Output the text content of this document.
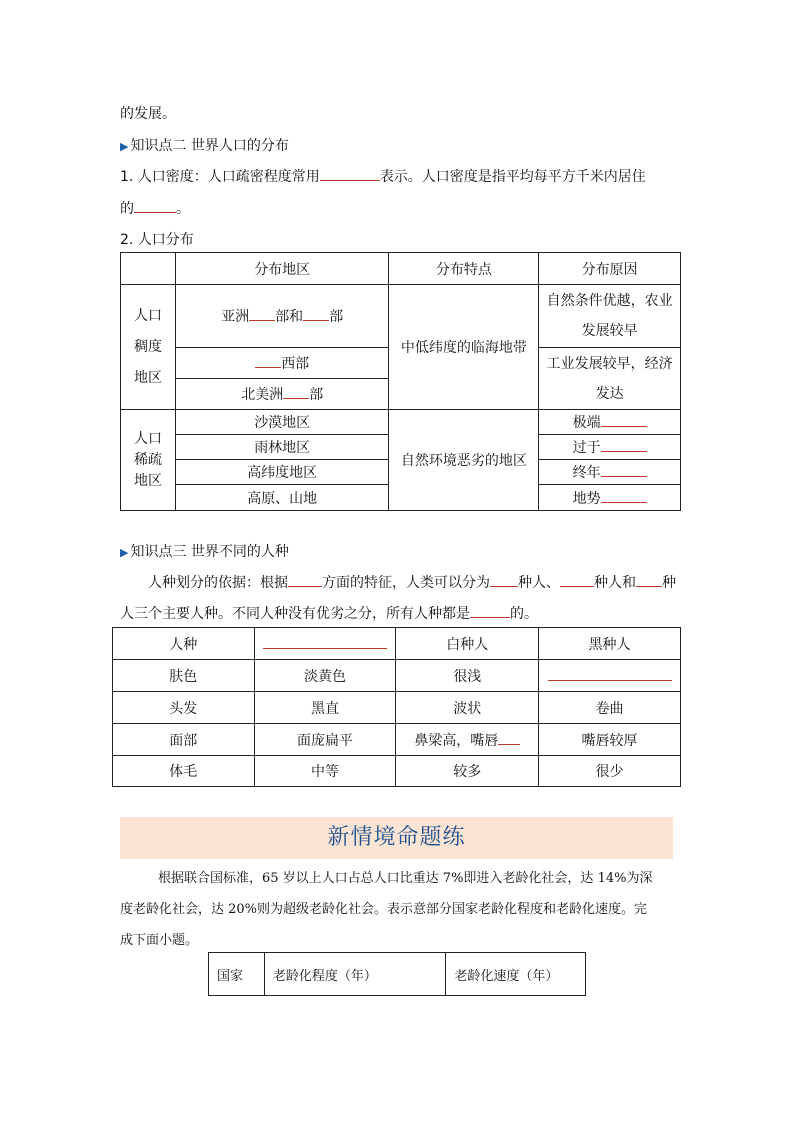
的发展。
▶ 知识点二 世界人口的分布
1. 人口密度：人口疏密程度常用	表示。人口密度是指平均每平方千米内居住
的	。
2. 人口分布
	分布地区	分布特点	分布原因
人口
稠度
地区	亚洲 部和 部	中低纬度的临海地带	自然条件优越，农业发展较早
	西部		工业发展较早，经济发达
	北美洲 部		
人口
稀疏
地区	沙漠地区	自然环境恶劣的地区	极端
	雨林地区		过于
	高纬度地区		终年
	高原、山地		地势
▶ 知识点三 世界不同的人种
人种划分的依据：根据 方面的特征，人类可以分为 种人、 种人和 种
人三个主要人种。不同人种没有优劣之分，所有人种都是	的。
人种		白种人	黑种人
肤色	淡黄色	很浅	
头发	黑直	波状	卷曲
面部	面庞扁平	鼻梁高，嘴唇	嘴唇较厚
体毛	中等	较多	很少
新情境命题练
根据联合国标准，65 岁以上人口占总人口比重达 7%即进入老龄化社会，达 14%为深
度老龄化社会，达 20%则为超级老龄化社会。表示意部分国家老龄化程度和老龄化速度。完
成下面小题。
国家	老龄化程度（年）	老龄化速度（年）
